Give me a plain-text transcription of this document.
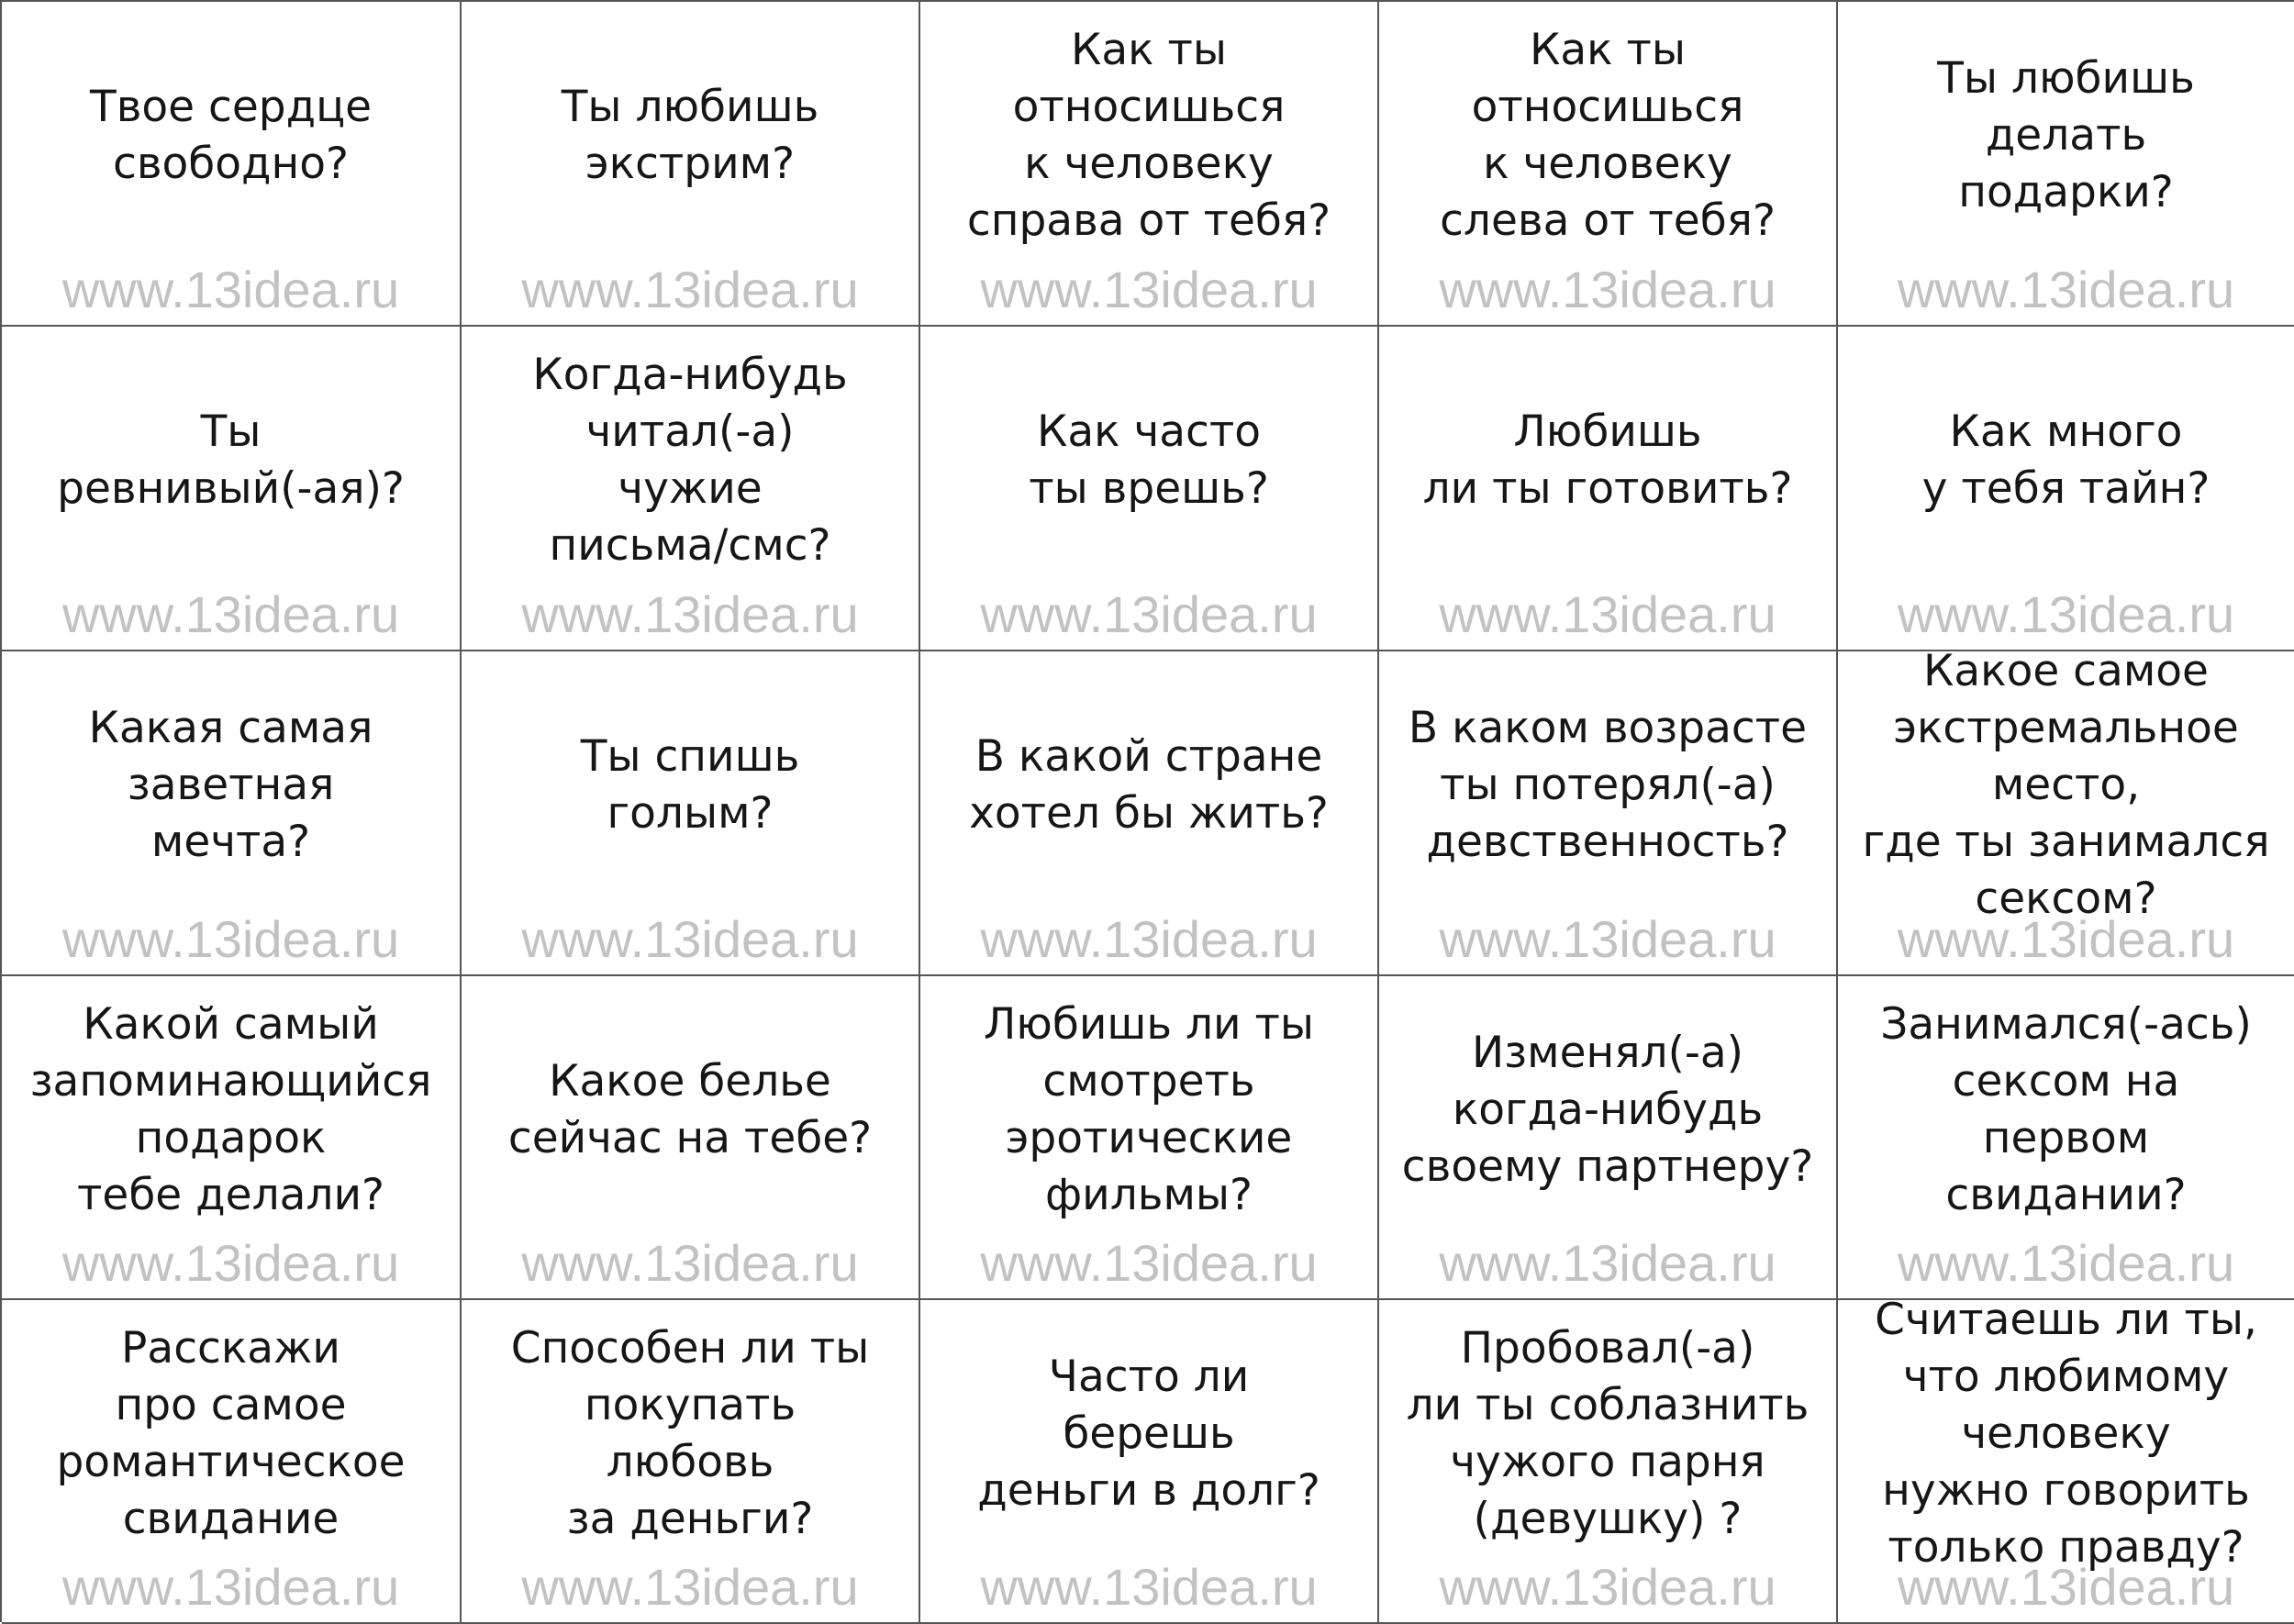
Твое сердце
свободно?
www.13idea.ru
Ты любишь
экстрим?
www.13idea.ru
Как ты
относишься
к человеку
справа от тебя?
www.13idea.ru
Как ты
относишься
к человеку
слева от тебя?
www.13idea.ru
Ты любишь
делать
подарки?
www.13idea.ru
Ты
ревнивый(-ая)?
www.13idea.ru
Когда-нибудь
читал(-а)
чужие
письма/смс?
www.13idea.ru
Как часто
ты врешь?
www.13idea.ru
Любишь
ли ты готовить?
www.13idea.ru
Как много
у тебя тайн?
www.13idea.ru
Какая самая
заветная
мечта?
www.13idea.ru
Ты спишь
голым?
www.13idea.ru
В какой стране
хотел бы жить?
www.13idea.ru
В каком возрасте
ты потерял(-а)
девственность?
www.13idea.ru
Какое самое
экстремальное
место,
где ты занимался
сексом?
www.13idea.ru
Какой самый
запоминающийся
подарок
тебе делали?
www.13idea.ru
Какое белье
сейчас на тебе?
www.13idea.ru
Любишь ли ты
смотреть
эротические
фильмы?
www.13idea.ru
Изменял(-а)
когда-нибудь
своему партнеру?
www.13idea.ru
Занимался(-ась)
сексом на
первом
свидании?
www.13idea.ru
Расскажи
про самое
романтическое
свидание
www.13idea.ru
Способен ли ты
покупать
любовь
за деньги?
www.13idea.ru
Часто ли
берешь
деньги в долг?
www.13idea.ru
Пробовал(-а)
ли ты соблазнить
чужого парня
(девушку) ?
www.13idea.ru
Считаешь ли ты,
что любимому
человеку
нужно говорить
только правду?
www.13idea.ru
